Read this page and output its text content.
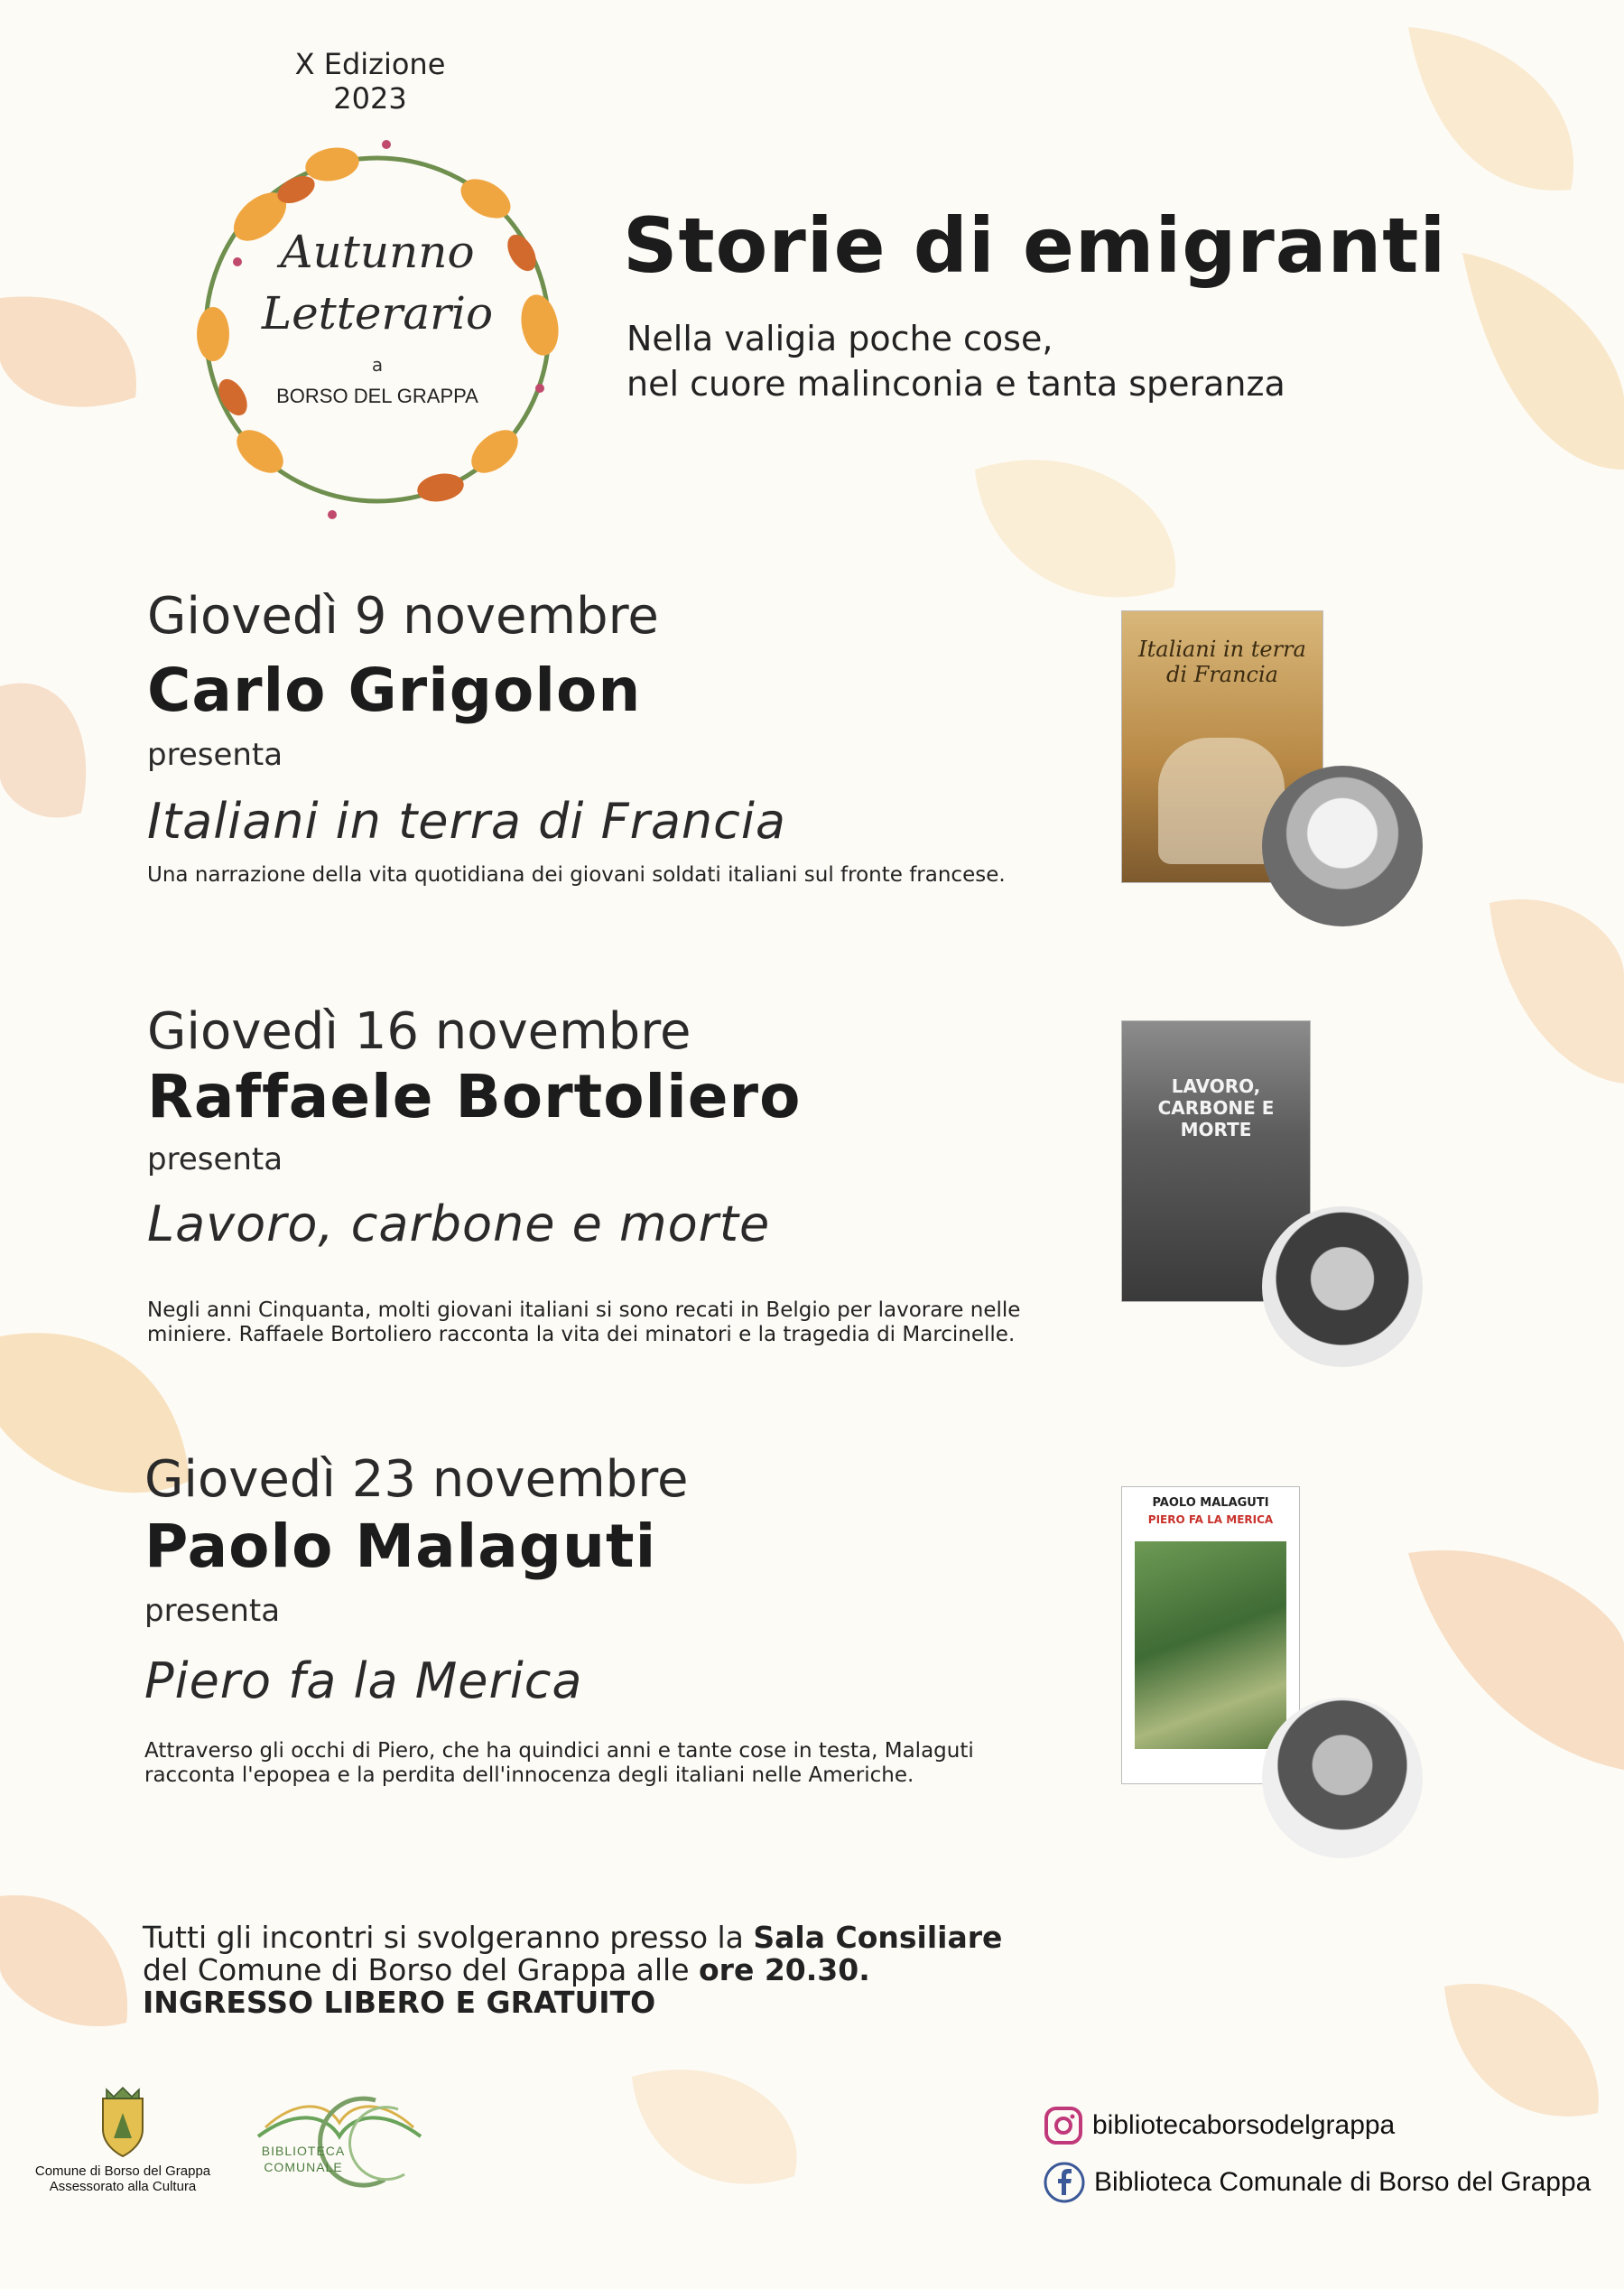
X Edizione
2023
Autunno
Letterario
a
BORSO DEL GRAPPA
Storie di emigranti
Nella valigia poche cose,
nel cuore malinconia e tanta speranza
Giovedì 9 novembre
Carlo Grigolon
presenta
Italiani in terra di Francia
Una narrazione della vita quotidiana dei giovani soldati italiani sul fronte francese.
Italiani in terra di Francia
Giovedì 16 novembre
Raffaele Bortoliero
presenta
Lavoro, carbone e morte
Negli anni Cinquanta, molti giovani italiani si sono recati in Belgio per lavorare nelle
miniere. Raffaele Bortoliero racconta la vita dei minatori e la tragedia di Marcinelle.
LAVORO, CARBONE E MORTE
Giovedì 23 novembre
Paolo Malaguti
presenta
Piero fa la Merica
Attraverso gli occhi di Piero, che ha quindici anni e tante cose in testa, Malaguti
racconta l'epopea e la perdita dell'innocenza degli italiani nelle Americhe.
PAOLO MALAGUTI
PIERO FA LA MERICA
Tutti gli incontri si svolgeranno presso la Sala Consiliare
del Comune di Borso del Grappa alle ore 20.30.
INGRESSO LIBERO E GRATUITO
Comune di Borso del Grappa
Assessorato alla Cultura
BIBLIOTECA
COMUNALE
bibliotecaborsodelgrappa
Biblioteca Comunale di Borso del Grappa
